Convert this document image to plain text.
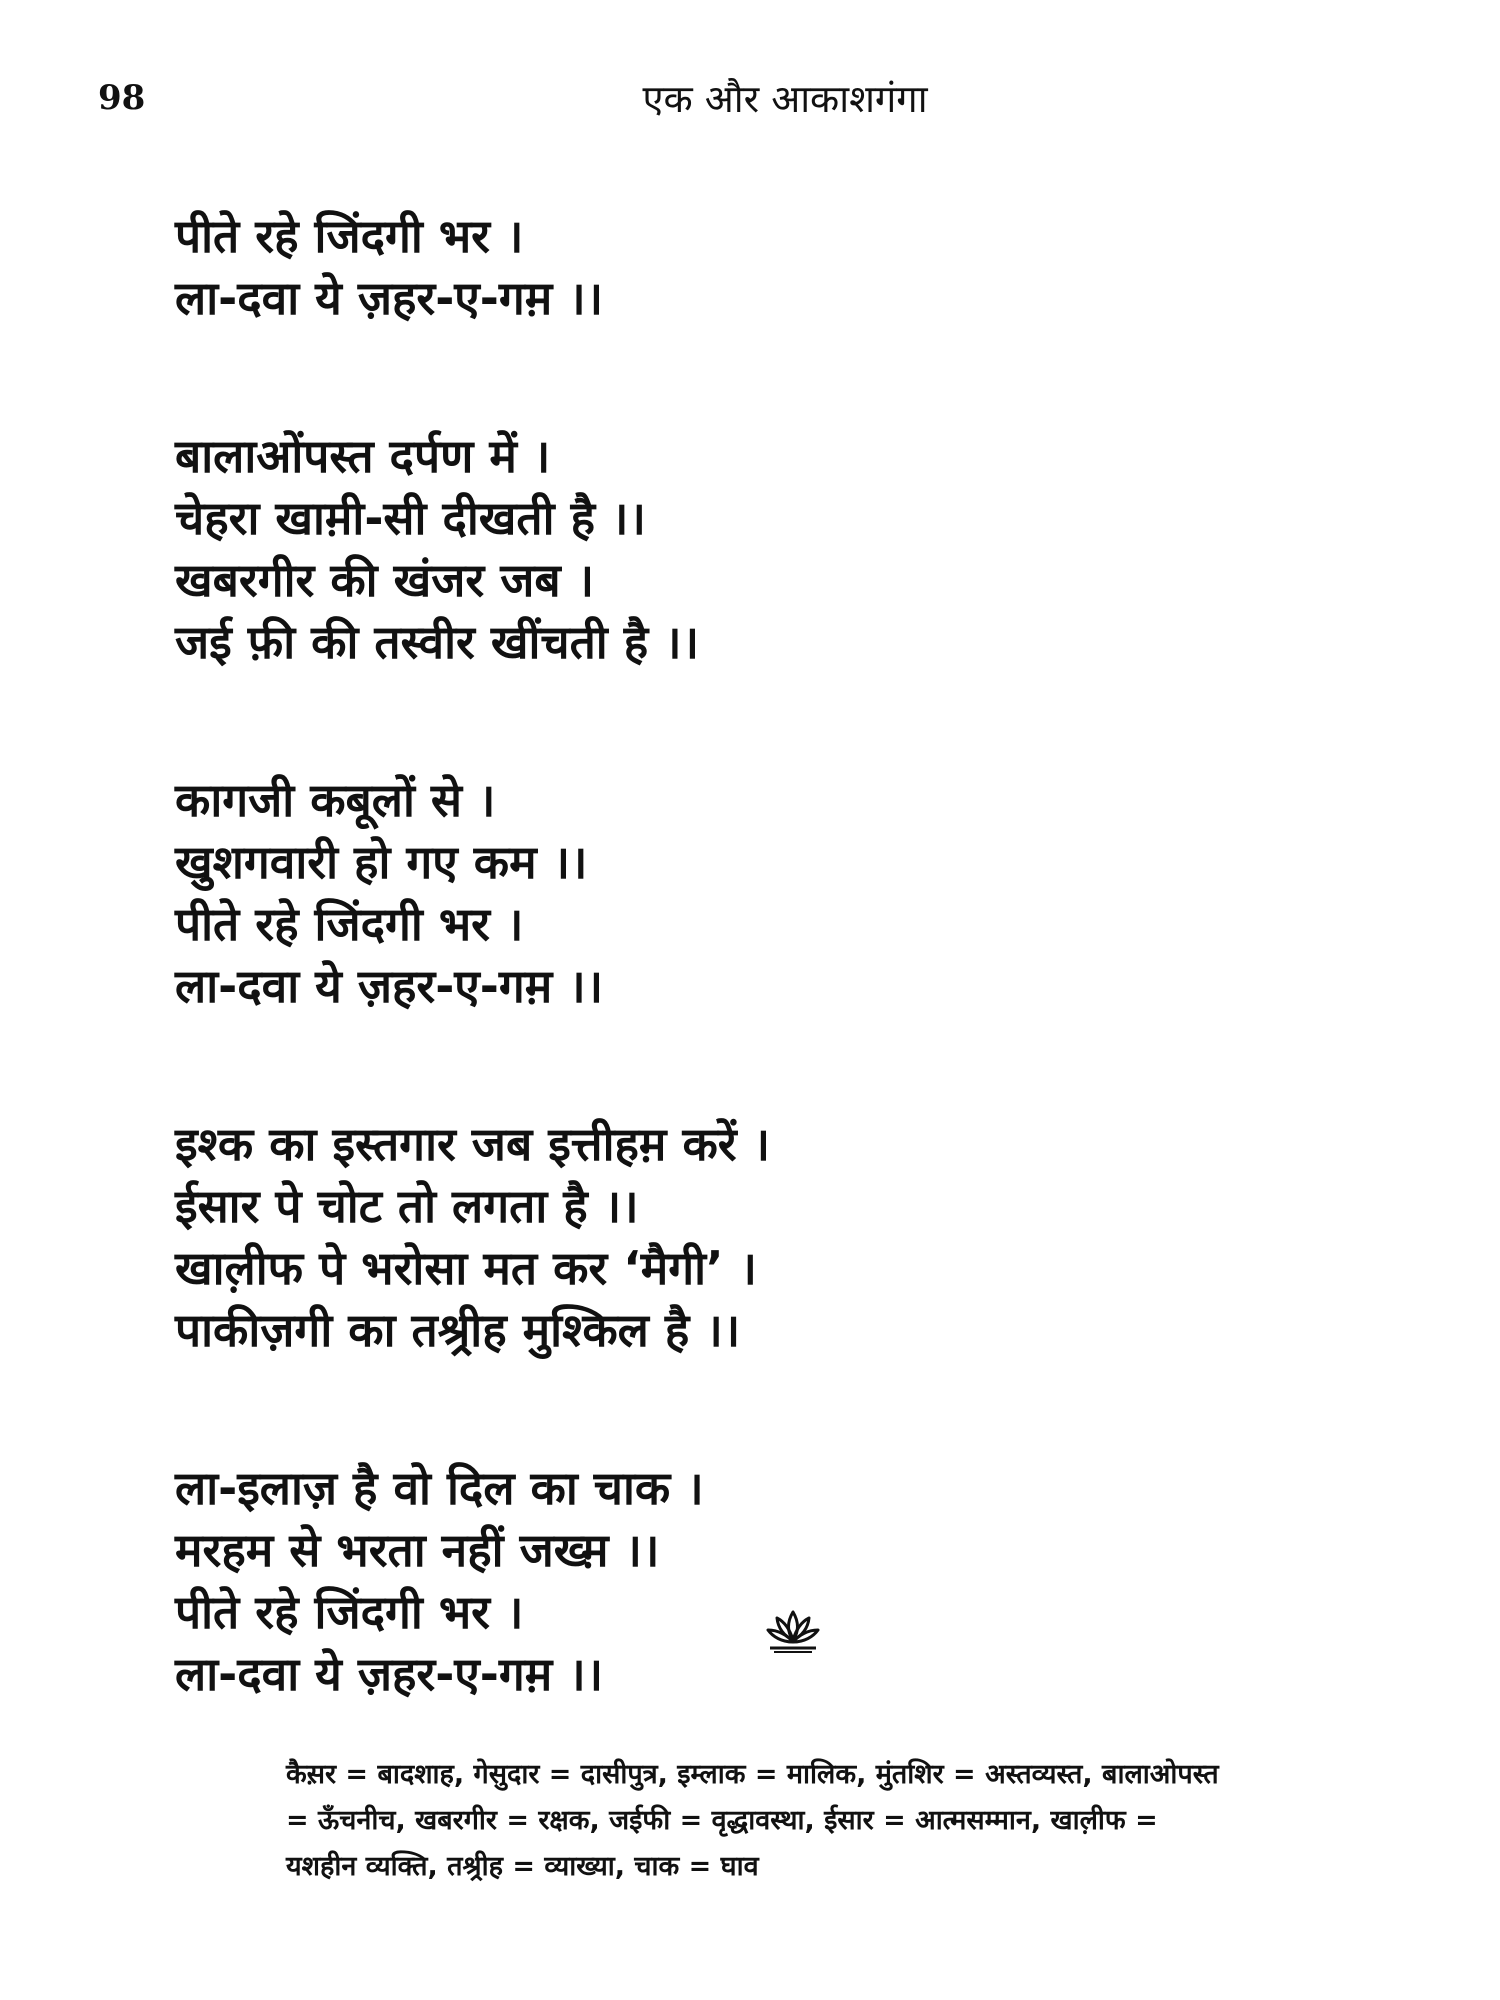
98	एक और आकाशगंगा
पीते रहे जिंदगी भर ।
ला-दवा ये ज़हर-ए-गम़ ।।
बालाओंपस्त दर्पण में ।
चेहरा खाम़ी-सी दीखती है ।।
खबरगीर की खंजर जब ।
जई फ़ी की तस्वीर खींचती है ।।
कागजी कबूलों से ।
खुशगवारी हो गए कम ।।
पीते रहे जिंदगी भर ।
ला-दवा ये ज़हर-ए-गम़ ।।
इश्क का इस्तगार जब इत्तीहम़ करें ।
ईसार पे चोट तो लगता है ।।
खाल़ीफ पे भरोसा मत कर ‘मैगी’ ।
पाकीज़गी का तश्र्रीह मुश्किल है ।।
ला-इलाज़ है वो दिल का चाक ।
मरहम से भरता नहीं जख्म़ ।।
पीते रहे जिंदगी भर ।
ला-दवा ये ज़हर-ए-गम़ ।।
कैस़र = बादशाह, गेसुदार = दासीपुत्र, इम्लाक = मालिक, मुंतशिर = अस्तव्यस्त, बालाओपस्त
= ऊँचनीच, खबरगीर = रक्षक, जईफी = वृद्धावस्था, ईसार = आत्मसम्मान, खाल़ीफ =
यशहीन व्यक्ति, तश्र्रीह = व्याख्या, चाक = घाव
